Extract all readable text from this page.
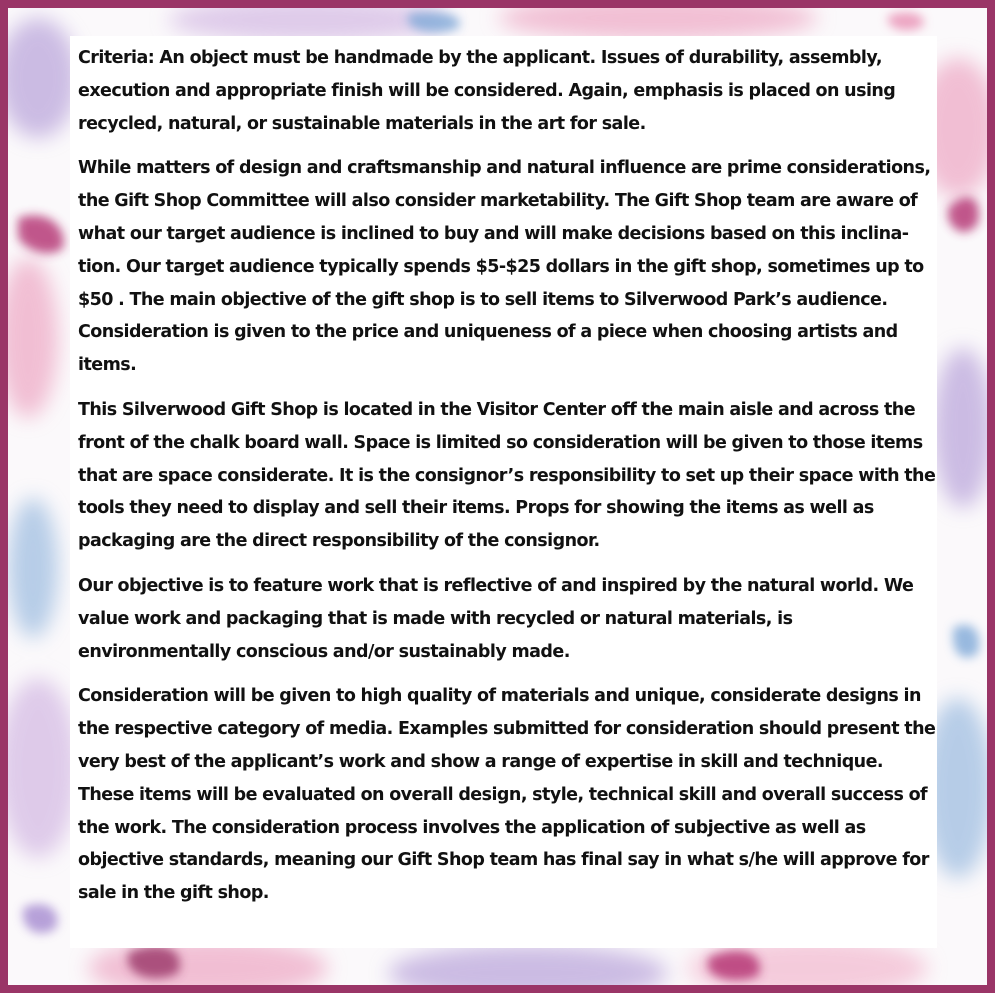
Criteria: An object must be handmade by the applicant. Issues of durability, assembly, execution and appropriate finish will be considered. Again, emphasis is placed on using recycled, natural, or sustainable materials in the art for sale.

While matters of design and craftsmanship and natural influence are prime considerations, the Gift Shop Committee will also consider marketability. The Gift Shop team are aware of what our target audience is inclined to buy and will make decisions based on this inclina-tion. Our target audience typically spends $5-$25 dollars in the gift shop, sometimes up to $50 . The main objective of the gift shop is to sell items to Silverwood Park’s audience. Consideration is given to the price and uniqueness of a piece when choosing artists and items.

This Silverwood Gift Shop is located in the Visitor Center off the main aisle and across the front of the chalk board wall. Space is limited so consideration will be given to those items that are space considerate. It is the consignor’s responsibility to set up their space with the tools they need to display and sell their items. Props for showing the items as well as packaging are the direct responsibility of the consignor.

Our objective is to feature work that is reflective of and inspired by the natural world. We value work and packaging that is made with recycled or natural materials, is environmentally conscious and/or sustainably made.

Consideration will be given to high quality of materials and unique, considerate designs in the respective category of media. Examples submitted for consideration should present the very best of the applicant’s work and show a range of expertise in skill and technique. These items will be evaluated on overall design, style, technical skill and overall success of the work. The consideration process involves the application of subjective as well as objective standards, meaning our Gift Shop team has final say in what s/he will approve for sale in the gift shop.
